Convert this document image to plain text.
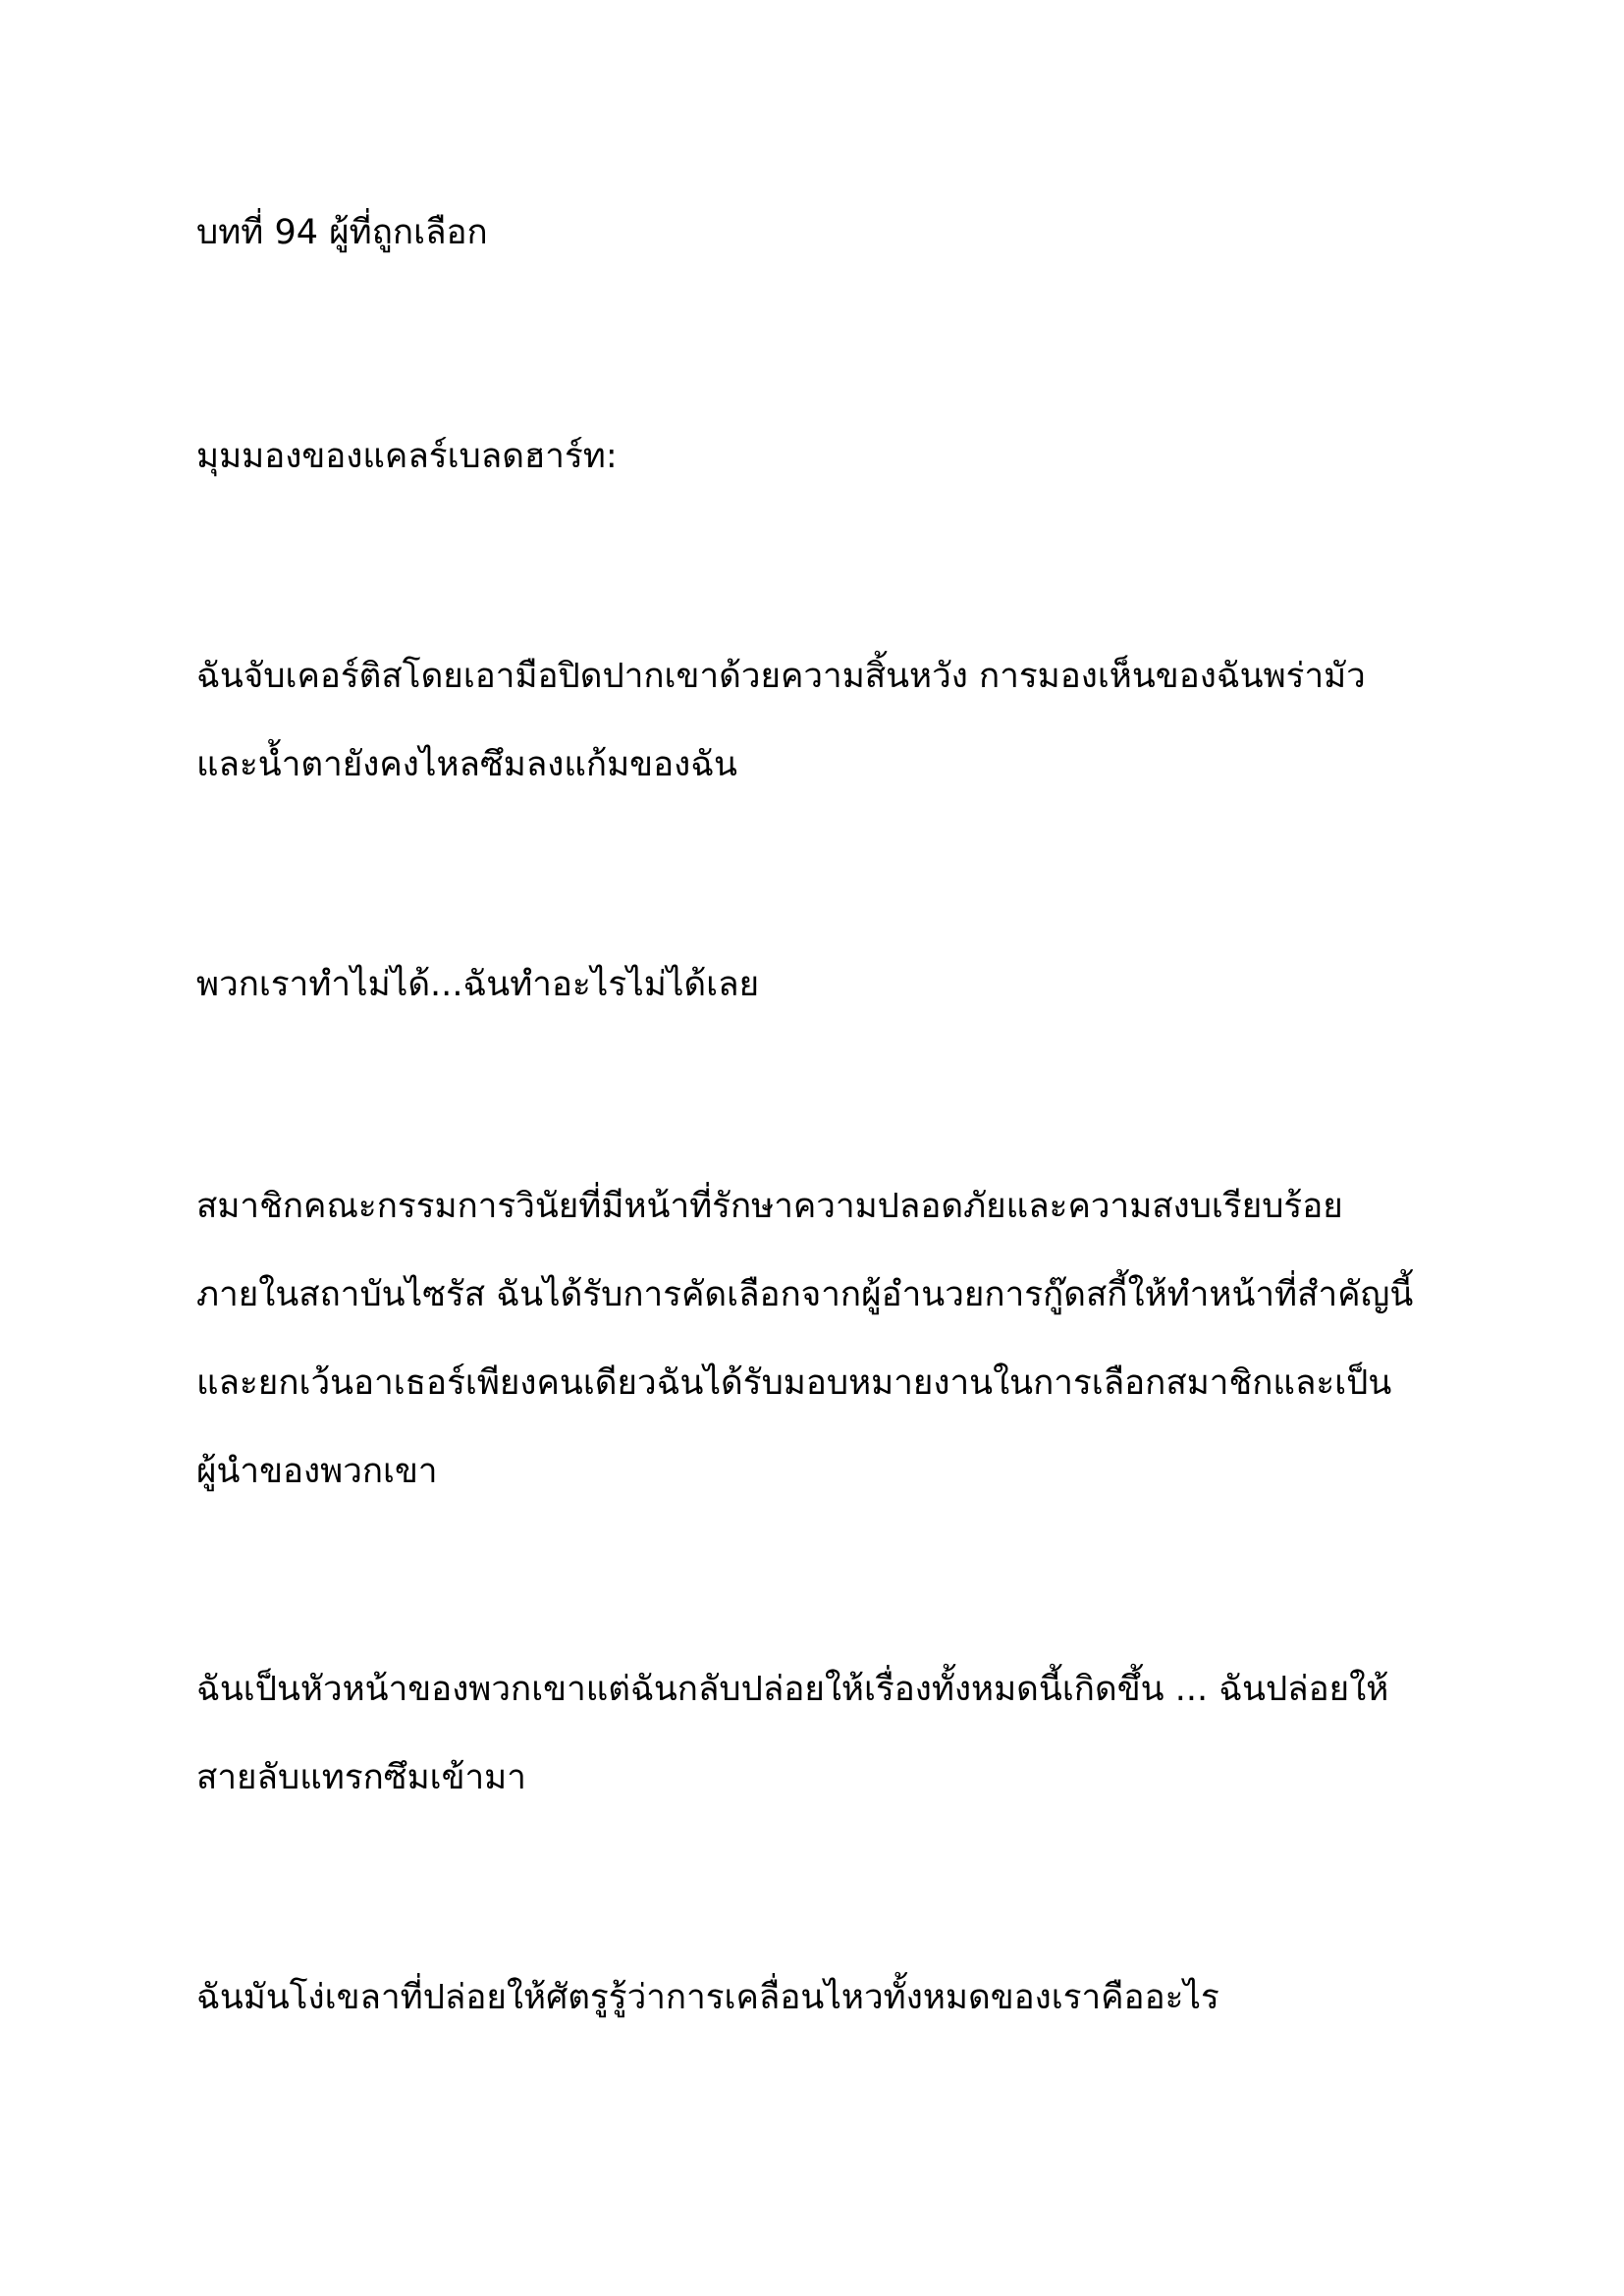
บทที่ 94 ผู้ที่ถูกเลือก

มุมมองของแคลร์เบลดฮาร์ท:

ฉันจับเคอร์ติสโดยเอามือปิดปากเขาด้วยความสิ้นหวัง การมองเห็นของฉันพร่ามัว
และน้ำตายังคงไหลซึมลงแก้มของฉัน

พวกเราทำไม่ได้...ฉันทำอะไรไม่ได้เลย

สมาชิกคณะกรรมการวินัยที่มีหน้าที่รักษาความปลอดภัยและความสงบเรียบร้อย
ภายในสถาบันไซรัส ฉันได้รับการคัดเลือกจากผู้อำนวยการกู๊ดสกี้ให้ทำหน้าที่สำคัญนี้
และยกเว้นอาเธอร์เพียงคนเดียวฉันได้รับมอบหมายงานในการเลือกสมาชิกและเป็น
ผู้นำของพวกเขา

ฉันเป็นหัวหน้าของพวกเขาแต่ฉันกลับปล่อยให้เรื่องทั้งหมดนี้เกิดขึ้น ... ฉันปล่อยให้
สายลับแทรกซึมเข้ามา

ฉันมันโง่เขลาที่ปล่อยให้ศัตรูรู้ว่าการเคลื่อนไหวทั้งหมดของเราคืออะไร
